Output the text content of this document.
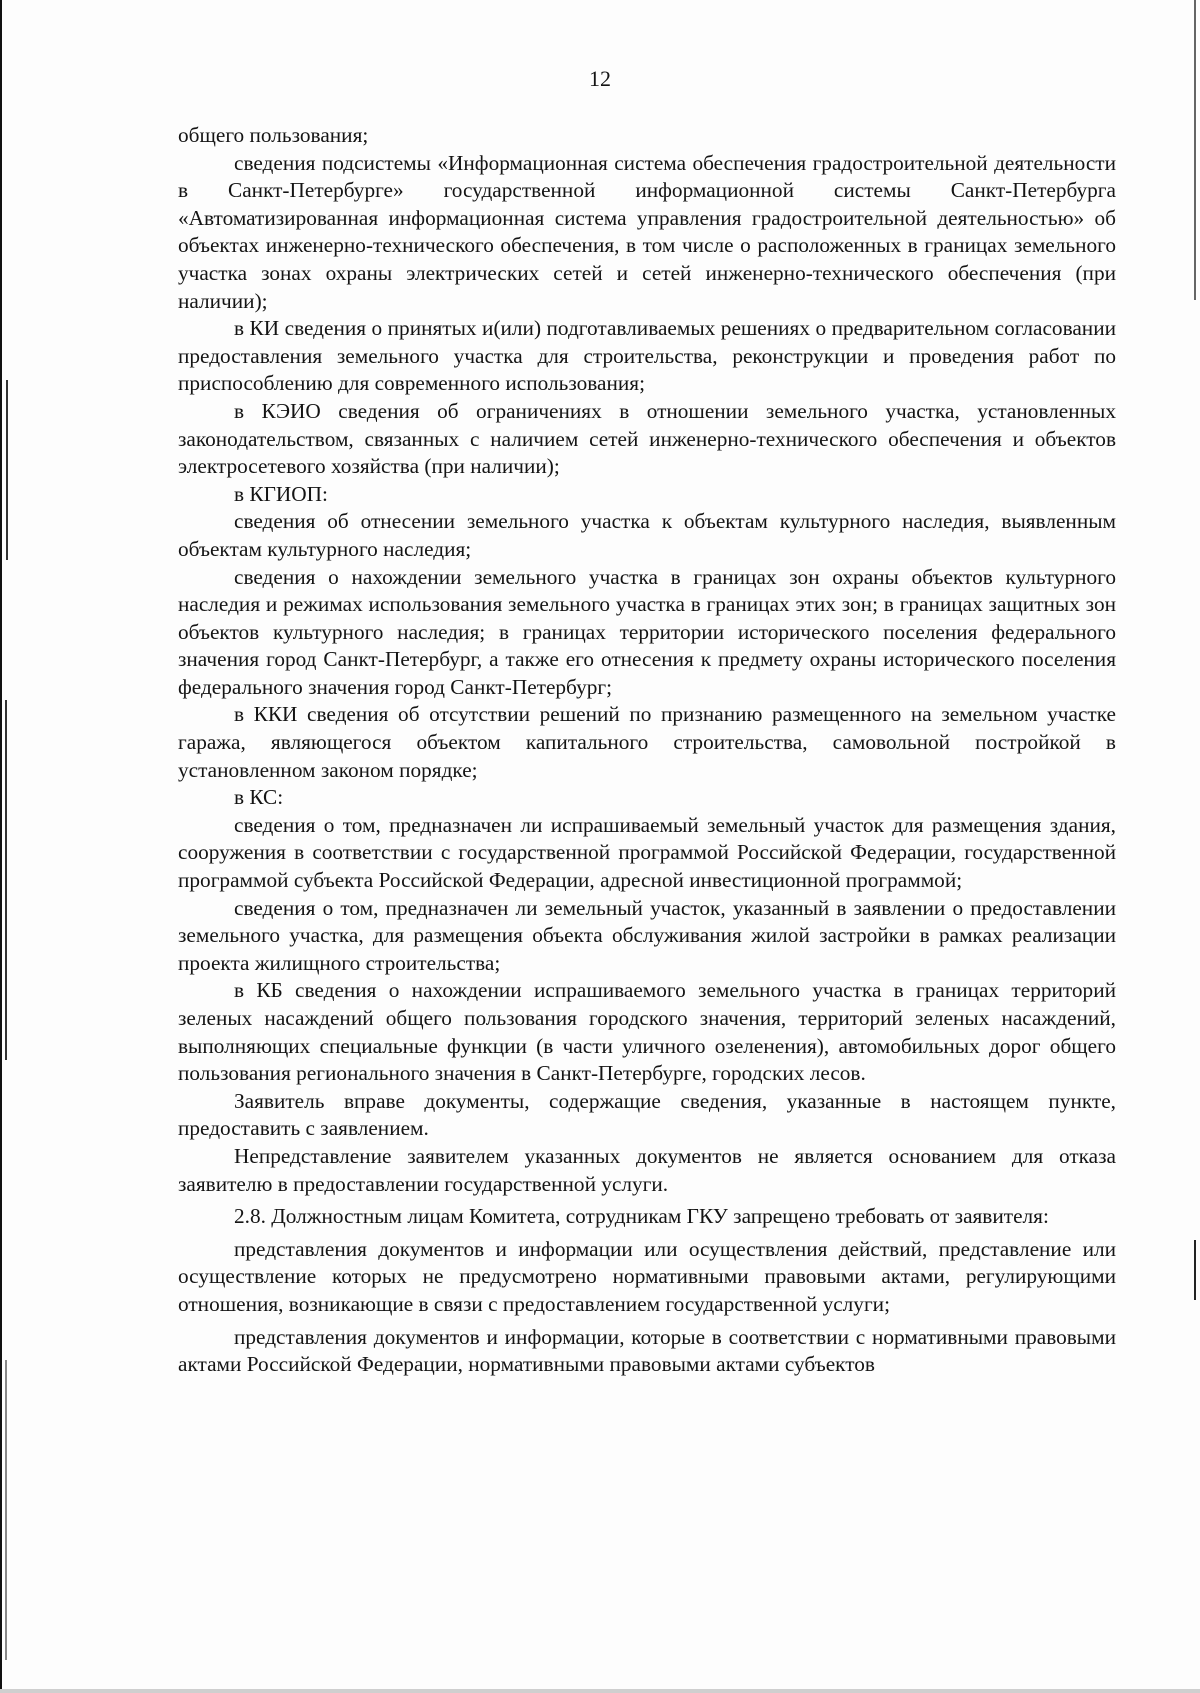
12

общего пользования;

сведения подсистемы «Информационная система обеспечения градостроительной деятельности в Санкт-Петербурге» государственной информационной системы Санкт-Петербурга «Автоматизированная информационная система управления градостроительной деятельностью» об объектах инженерно-технического обеспечения, в том числе о расположенных в границах земельного участка зонах охраны электрических сетей и сетей инженерно-технического обеспечения (при наличии);

в КИ сведения о принятых и(или) подготавливаемых решениях о предварительном согласовании предоставления земельного участка для строительства, реконструкции и проведения работ по приспособлению для современного использования;

в КЭИО сведения об ограничениях в отношении земельного участка, установленных законодательством, связанных с наличием сетей инженерно-технического обеспечения и объектов электросетевого хозяйства (при наличии);

в КГИОП:

сведения об отнесении земельного участка к объектам культурного наследия, выявленным объектам культурного наследия;

сведения о нахождении земельного участка в границах зон охраны объектов культурного наследия и режимах использования земельного участка в границах этих зон; в границах защитных зон объектов культурного наследия; в границах территории исторического поселения федерального значения город Санкт-Петербург, а также его отнесения к предмету охраны исторического поселения федерального значения город Санкт-Петербург;

в ККИ сведения об отсутствии решений по признанию размещенного на земельном участке гаража, являющегося объектом капитального строительства, самовольной постройкой в установленном законом порядке;

в КС:

сведения о том, предназначен ли испрашиваемый земельный участок для размещения здания, сооружения в соответствии с государственной программой Российской Федерации, государственной программой субъекта Российской Федерации, адресной инвестиционной программой;

сведения о том, предназначен ли земельный участок, указанный в заявлении о предоставлении земельного участка, для размещения объекта обслуживания жилой застройки в рамках реализации проекта жилищного строительства;

в КБ сведения о нахождении испрашиваемого земельного участка в границах территорий зеленых насаждений общего пользования городского значения, территорий зеленых насаждений, выполняющих специальные функции (в части уличного озеленения), автомобильных дорог общего пользования регионального значения в Санкт-Петербурге, городских лесов.

Заявитель вправе документы, содержащие сведения, указанные в настоящем пункте, предоставить с заявлением.

Непредставление заявителем указанных документов не является основанием для отказа заявителю в предоставлении государственной услуги.

2.8. Должностным лицам Комитета, сотрудникам ГКУ запрещено требовать от заявителя:

представления документов и информации или осуществления действий, представление или осуществление которых не предусмотрено нормативными правовыми актами, регулирующими отношения, возникающие в связи с предоставлением государственной услуги;

представления документов и информации, которые в соответствии с нормативными правовыми актами Российской Федерации, нормативными правовыми актами субъектов
